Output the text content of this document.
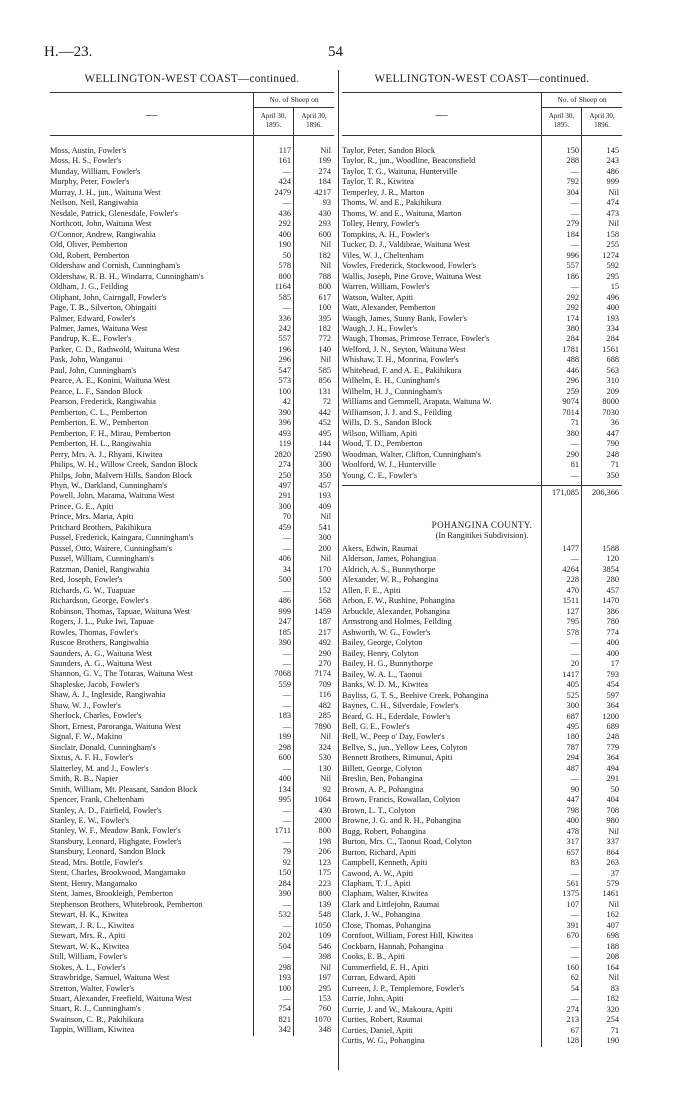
H.—23.	54
WELLINGTON-WEST COAST—continued.
—
No. of Sheep on
April 30, 1895.
April 30, 1896.
Moss, Austin, Fowler's	117	Nil
Moss, H. S., Fowler's	161	199
Munday, William, Fowler's	—	274
Murphy, Peter, Fowler's	424	184
Murray, J. H., jun., Waituna West	2479	4217
Neilson, Neil, Rangiwahia	—	93
Nesdale, Patrick, Glenesdale, Fowler's	436	430
Northcott, John, Waituna West	292	293
O'Connor, Andrew, Rangiwahia	400	600
Old, Oliver, Pemberton	190	Nil
Old, Robert, Pemberton	50	182
Oldershaw and Cornish, Cunningham's	578	Nil
Oldershaw, R. B. H., Windarra, Cunningham's	800	788
Oldham, J. G., Feilding	1164	800
Oliphant, John, Cairngall, Fowler's	585	617
Page, T. B., Silverton, Ohingaiti	—	100
Palmer, Edward, Fowler's	336	395
Palmer, James, Waituna West	242	182
Pandrup, K. E., Fowler's	557	772
Parker, C. D., Rathwold, Waituna West	196	140
Pask, John, Wanganui	296	Nil
Paul, John, Cunningham's	547	585
Pearce, A. E., Konini, Waituna West	573	856
Pearce, L. F., Sandon Block	100	131
Pearson, Frederick, Rangiwahia	42	72
Pemberton, C. L., Pemberton	390	442
Pemberton, E. W., Pemberton	396	452
Pemberton, F. H., Mirau, Pemberton	493	495
Pemberton, H. L., Rangiwahia	119	144
Perry, Mrs. A. J., Rhyani, Kiwitea	2820	2590
Philips, W. H., Willow Creek, Sandon Block	274	300
Philps, John, Malvern Hills, Sandon Block	250	350
Phyn, W., Darkland, Cunningham's	497	457
Powell, John, Marama, Waituna West	291	193
Prince, G. E., Apiti	300	409
Prince, Mrs. Maria, Apiti	70	Nil
Pritchard Brothers, Pakihikura	459	541
Pussel, Frederick, Kaingara, Cunningham's	—	300
Pussel, Otto, Wairere, Cunningham's	—	200
Pussel, William, Cunningham's	406	Nil
Ratzman, Daniel, Rangiwahia	34	170
Red, Joseph, Fowler's	500	500
Richards, G. W., Tuapuae	—	152
Richardson, George, Fowler's	486	568
Robinson, Thomas, Tapuae, Waituna West	999	1459
Rogers, J. L., Puke Iwi, Tapuae	247	187
Rowles, Thomas, Fowler's	185	217
Ruscoe Brothers, Rangiwahia	390	492
Saunders, A. G., Waituna West	—	290
Saunders, A. G., Waituna West	—	270
Shannon, G. V., The Totaras, Waituna West	7068	7174
Shapleske, Jacob, Fowler's	559	709
Shaw, A. J., Ingleside, Rangiwahia	—	116
Shaw, W. J., Fowler's	—	482
Sherlock, Charles, Fowler's	183	285
Short, Ernest, Paroranga, Waituna West	—	7890
Signal, F. W., Makino	199	Nil
Sinclair, Donald, Cunningham's	298	324
Sixtus, A. F. H., Fowler's	600	530
Slatterley, M. and J., Fowler's	—	130
Smith, R. B., Napier	400	Nil
Smith, William, Mt. Pleasant, Sandon Block	134	92
Spencer, Frank, Cheltenham	995	1064
Stanley, A. D., Fairfield, Fowler's	—	430
Stanley, E. W., Fowler's	—	2000
Stanley, W. F., Meadow Bank, Fowler's	1711	800
Stansbury, Leonard, Highgate, Fowler's	—	198
Stansbury, Leonard, Sandon Block	79	206
Stead, Mrs. Bottle, Fowler's	92	123
Stent, Charles, Brookwood, Mangamako	150	175
Stent, Henry, Mangamako	284	223
Stent, James, Brookleigh, Pemberton	390	800
Stephenson Brothers, Whitebrook, Pemberton	—	139
Stewart, H. K., Kiwitea	532	548
Stewart, J. R. L., Kiwitea	—	1050
Stewart, Mrs. R., Apiti	202	109
Stewart, W. K., Kiwitea	504	546
Still, William, Fowler's	—	398
Stokes, A. L., Fowler's	298	Nil
Strawbridge, Samuel, Waituna West	193	197
Stretton, Walter, Fowler's	100	295
Stuart, Alexander, Freefield, Waituna West	—	153
Stuart, R. J., Cunningham's	754	760
Swainson, C. B., Pakihikura	821	1070
Tappin, William, Kiwitea	342	348
WELLINGTON-WEST COAST—continued.
—
No. of Sheep on
April 30, 1895.
April 30, 1896.
Taylor, Peter, Sandon Block	150	145
Taylor, R., jun., Woodline, Beaconsfield	288	243
Taylor, T. G., Waituna, Hunterville	—	486
Taylor, T. R., Kiwitea	792	999
Temperley, J. R., Marton	304	Nil
Thoms, W. and E., Pakihikura	—	474
Thoms, W. and E., Waituna, Marton	—	473
Tolley, Henry, Fowler's	279	Nil
Tompkins, A. H., Fowler's	184	158
Tucker, D. J., Valdibrae, Waituna West	—	255
Viles, W. J., Cheltenham	996	1274
Vowles, Frederick, Stockwood, Fowler's	557	592
Wallis, Joseph, Pine Grove, Waituna West	186	295
Warren, William, Fowler's	—	15
Watson, Walter, Apiti	292	496
Watt, Alexander, Pemberton	292	400
Waugh, James, Sunny Bank, Fowler's	174	193
Waugh, J. H., Fowler's	380	334
Waugh, Thomas, Primrose Terrace, Fowler's	284	284
Welford, J. N., Seyton, Waituna West	1781	1561
Whishaw, T. H., Monrina, Fowler's	488	688
Whitehead, F. and A. E., Pakihikura	446	563
Wilhelm, E. H., Cuningham's	296	310
Wilhelm, H. J., Cunningham's	259	209
Williams and Gemmell, Arapata, Waituna W.	9074	8000
Williamson, J. J. and S., Feilding	7014	7030
Wills, D. S., Sandon Block	71	36
Wilson, William, Apiti	380	447
Wood, T. D., Pemberton	—	790
Woodman, Walter, Clifton, Cunningham's	290	248
Woolford, W. J., Hunterville	81	71
Young, C. E., Fowler's	—	350
171,085	206,366
POHANGINA COUNTY.
(In Rangitikei Subdivision).
Akers, Edwin, Raumai	1477	1588
Alderson, James, Pohangiua	—	120
Aldrich, A. S., Bunnythorpe	4264	3854
Alexander, W. R., Pohangina	228	280
Allen, F. E., Apiti	470	457
Arbon, F. W., Rushine, Pohangina	1511	1470
Arbuckle, Alexander, Pohangina	127	386
Armstrong and Holmes, Feilding	795	780
Ashworth, W. G., Fowler's	578	774
Bailey, George, Colyton	—	400
Bailey, Henry, Colyton	—	400
Bailey, H. G., Bunnythorpe	20	17
Bailey, W. A. L., Taonui	1417	793
Banks, W. D. M., Kiwitea	405	454
Bayliss, G. T. S., Beehive Creek, Pohangina	525	597
Baynes, C. H., Silverdale, Fowler's	300	364
Beard, G. H., Ederdale, Fowler's	687	1200
Bell, G. E., Fowler's	495	689
Bell, W., Peep o' Day, Fowler's	180	248
Bellve, S., jun., Yellow Lees, Colyton	787	779
Bennett Brothers, Rimunui, Apiti	294	364
Billett, George, Colyton	487	494
Breslin, Ben, Pohangina	—	291
Brown, A. P., Pohangina	90	50
Brown, Francis, Rowallan, Colyton	447	404
Brown, L. T., Colyton	798	708
Browne, J. G. and R. H., Pohangina	400	980
Bugg, Robert, Pohangina	478	Nil
Burton, Mrs. C., Taonui Road, Colyton	317	337
Burton, Richard, Apiti	657	864
Campbell, Kenneth, Apiti	83	263
Cawood, A. W., Apiti	—	37
Clapham, T. J., Apiti	561	579
Clapham, Walter, Kiwitea	1375	1461
Clark and Littlejohn, Raumai	107	Nil
Clark, J. W., Pohangina	—	162
Close, Thomas, Pohangina	391	407
Cornfoot, William, Forest Hill, Kiwitea	670	698
Cockbarn, Hannah, Pohangina	—	188
Cooks, E. B., Apiti	—	208
Cummerfield, E. H., Apiti	160	164
Curran, Edward, Apiti	62	Nil
Curreen, J. P., Templemore, Fowler's	54	83
Currie, John, Apiti	—	182
Currie, J. and W., Makoura, Apiti	274	320
Curties, Robert, Raumai	213	254
Curties, Daniel, Apiti	67	71
Curtis, W. G., Pohangina	128	190
